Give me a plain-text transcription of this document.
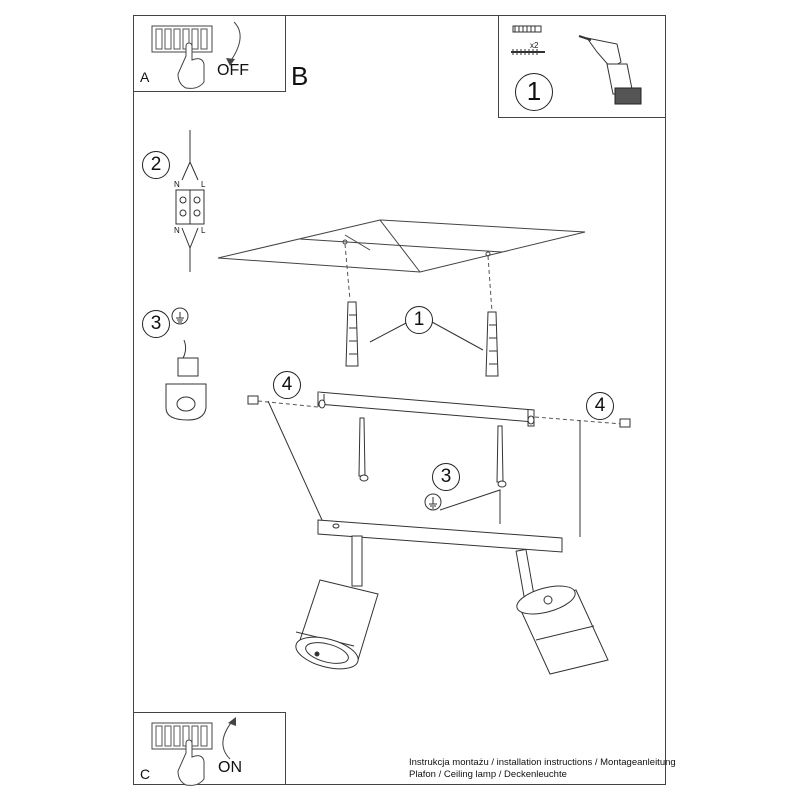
A	OFF B
x2
1
C	ON
2
N	L
N	L
3	1
4
4
3
Instrukcja montażu / installation instructions / Montageanleitung
Plafon / Ceiling lamp / Deckenleuchte
